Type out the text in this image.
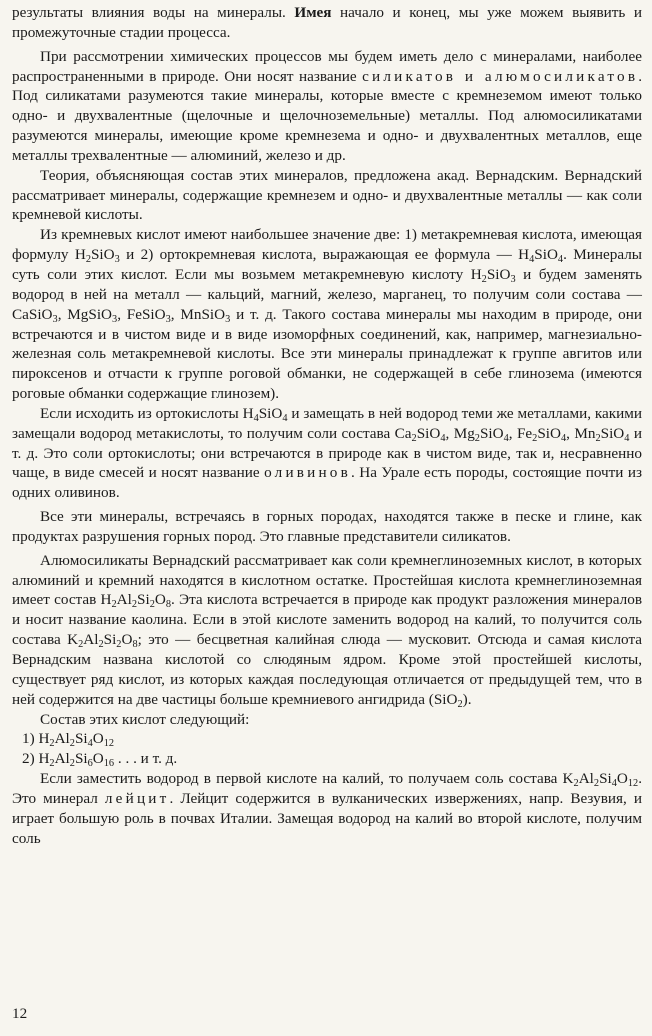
результаты влияния воды на минералы. Имея начало и конец, мы уже можем выявить и промежуточные стадии процесса.

При рассмотрении химических процессов мы будем иметь дело с минералами, наиболее распространенными в природе. Они носят название силикатов и алюмосиликатов. Под силикатами разумеются такие минералы, которые вместе с кремнеземом имеют только одно- и двухвалентные (щелочные и щелочноземельные) металлы. Под алюмосиликатами разумеются минералы, имеющие кроме кремнезема и одно- и двухвалентных металлов, еще металлы трехвалентные — алюминий, железо и др.

Теория, объясняющая состав этих минералов, предложена акад. Вернадским. Вернадский рассматривает минералы, содержащие кремнезем и одно- и двухвалентные металлы — как соли кремневой кислоты.

Из кремневых кислот имеют наибольшее значение две: 1) метакремневая кислота, имеющая формулу $H_2SiO_3$ и 2) ортокремневая кислота, выражающая ее формула — $H_4SiO_4$. Минералы суть соли этих кислот. Если мы возьмем метакремневую кислоту $H_2SiO_3$ и будем заменять водород в ней на металл — кальций, магний, железо, марганец, то получим соли состава — CaSiO$_3$, MgSiO$_3$, FeSiO$_3$, MnSiO$_3$ и т. д. Такого состава минералы мы находим в природе, они встречаются и в чистом виде и в виде изоморфных соединений, как, например, магнезиально-железная соль метакремневой кислоты. Все эти минералы принадлежат к группе авгитов или пироксенов и отчасти к группе роговой обманки, не содержащей в себе глинозема (имеются роговые обманки содержащие глинозем).

Если исходить из ортокислоты $H_4SiO_4$ и замещать в ней водород теми же металлами, какими замещали водород метакислоты, то получим соли состава $Ca_2SiO_4$, $Mg_2SiO_4$, $Fe_2SiO_4$, $Mn_2SiO_4$ и т. д. Это соли ортокислоты; они встречаются в природе как в чистом виде, так и, несравненно чаще, в виде смесей и носят название оливинов. На Урале есть породы, состоящие почти из одних оливинов.

Все эти минералы, встречаясь в горных породах, находятся также в песке и глине, как продуктах разрушения горных пород. Это главные представители силикатов.

Алюмосиликаты Вернадский рассматривает как соли кремнеглиноземных кислот, в которых алюминий и кремний находятся в кислотном остатке. Простейшая кислота кремнеглиноземная имеет состав $H_2Al_2Si_2O_8$. Эта кислота встречается в природе как продукт разложения минералов и носит название каолина. Если в этой кислоте заменить водород на калий, то получится соль состава $K_2Al_2Si_2O_8$; это — бесцветная калийная слюда — мусковит. Отсюда и самая кислота Вернадским названа кислотой со слюдяным ядром. Кроме этой простейшей кислоты, существует ряд кислот, из которых каждая последующая отличается от предыдущей тем, что в ней содержится на две частицы больше кремниевого ангидрида (SiO$_2$).

Состав этих кислот следующий:

1) $H_2Al_2Si_4O_{12}$

2) $H_2Al_2Si_6O_{16}$ . . . и т. д.

Если заместить водород в первой кислоте на калий, то получаем соль состава $K_2Al_2Si_4O_{12}$. Это минерал лейцит. Лейцит содержится в вулканических извержениях, напр. Везувия, и играет большую роль в почвах Италии. Замещая водород на калий во второй кислоте, получим соль

12
